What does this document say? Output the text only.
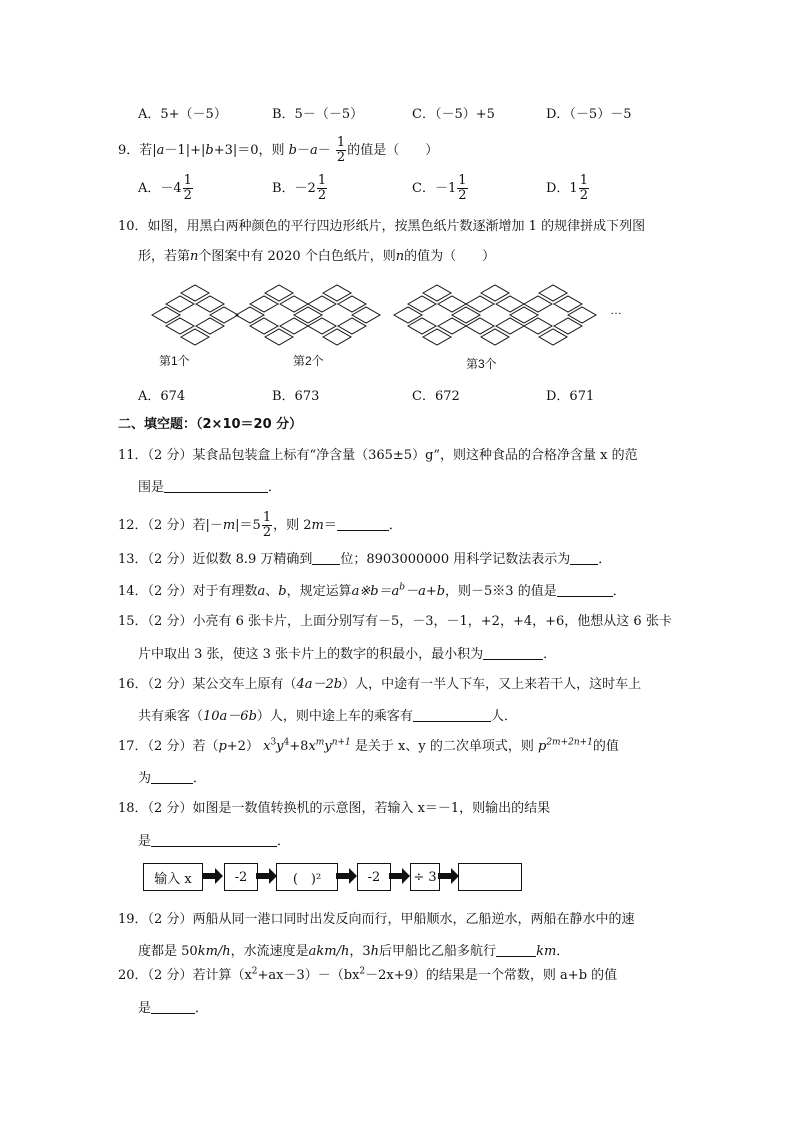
A．5+（－5）	B．5－（－5）	C．（－5）+5	D．（－5）－5
9．若|a－1|+|b+3|＝0，则 $b-a- \frac{1}{2}$ 的值是（　　）
A．$-4 \frac{1}{2}$	B．$-2 \frac{1}{2}$	C．$-1 \frac{1}{2}$	D．$1 \frac{1}{2}$
10．如图，用黑白两种颜色的平行四边形纸片，按黑色纸片数逐渐增加 1 的规律拼成下列图
形，若第n个图案中有 2020 个白色纸片，则n的值为（　　）
第1个	第2个	第3个
…
A．674	B．673	C．672	D．671
二、填空题：（2×10＝20 分）
11．（2 分）某食品包装盒上标有“净含量（365±5）g”，则这种食品的合格净含量 x 的范
围是	．
12．（2 分）若$|-m|=5 \frac{1}{2}$ ，则 2m＝	．
13．（2 分）近似数 8.9 万精确到 位；8903000000 用科学记数法表示为 ．
14．（2 分）对于有理数a、b，规定运算$a※b=a^b-a+b$，则－5※3 的值是	．
15．（2 分）小亮有 6 张卡片，上面分别写有－5，－3，－1，+2，+4，+6，他想从这 6 张卡
片中取出 3 张，使这 3 张卡片上的数字的积最小，最小积为	．
16．（2 分）某公交车上原有（4a－2b）人，中途有一半人下车，又上来若干人，这时车上
共有乘客（10a－6b）人，则中途上车的乘客有	人．
17．（2 分）若（p+2） $x^3y^4+8x^my^{n+1}$ 是关于 x、y 的二次单项式，则 $p^{2m+2n+1}$的值
为	．
18．（2 分）如图是一数值转换机的示意图，若输入 x＝－1，则输出的结果
是	．
输入 x	-2	(　)²	-2	÷ 3
19．（2 分）两船从同一港口同时出发反向而行，甲船顺水，乙船逆水，两船在静水中的速
度都是 50km/h，水流速度是akm/h，3h后甲船比乙船多航行	km．
20．（2 分）若计算$(x^2+ax-3)-(bx^2-2x+9)$的结果是一个常数，则 a+b 的值
是	．
